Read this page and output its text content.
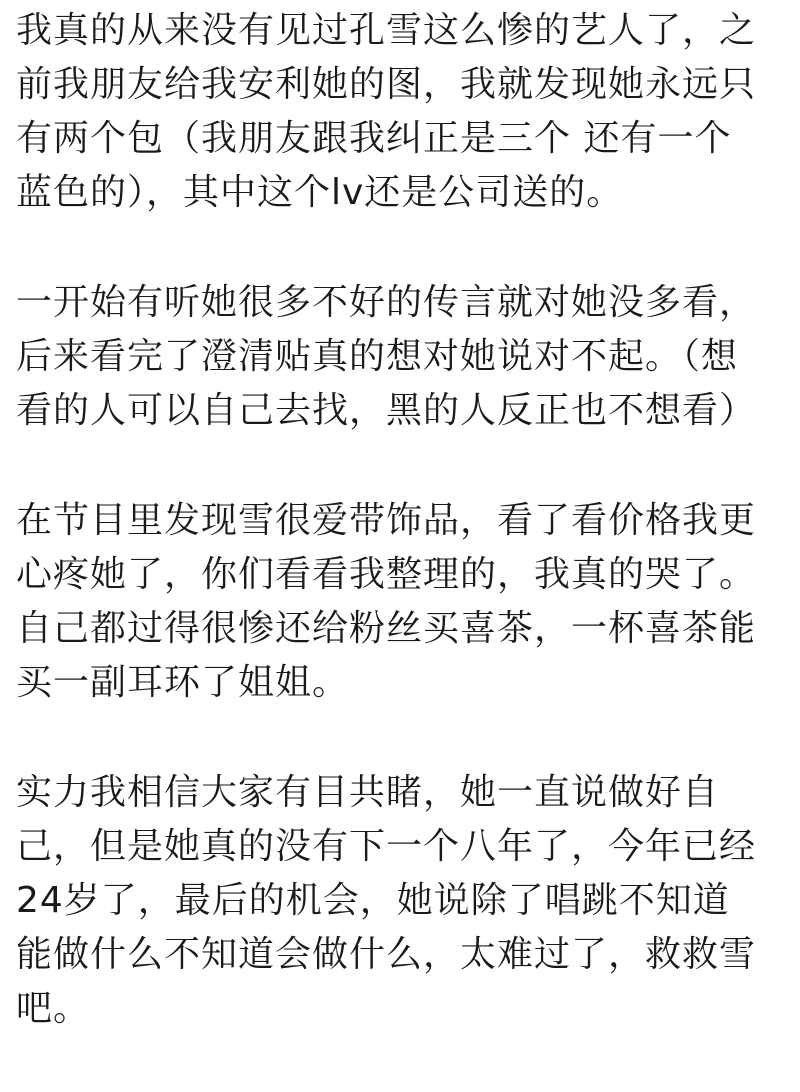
我真的从来没有见过孔雪这么惨的艺人了，之
前我朋友给我安利她的图，我就发现她永远只
有两个包（我朋友跟我纠正是三个 还有一个
蓝色的），其中这个lv还是公司送的。
一开始有听她很多不好的传言就对她没多看，
后来看完了澄清贴真的想对她说对不起。（想
看的人可以自己去找，黑的人反正也不想看）
在节目里发现雪很爱带饰品，看了看价格我更
心疼她了，你们看看我整理的，我真的哭了。
自己都过得很惨还给粉丝买喜茶，一杯喜茶能
买一副耳环了姐姐。
实力我相信大家有目共睹，她一直说做好自
己，但是她真的没有下一个八年了，今年已经
24岁了，最后的机会，她说除了唱跳不知道
能做什么不知道会做什么，太难过了，救救雪
吧。
